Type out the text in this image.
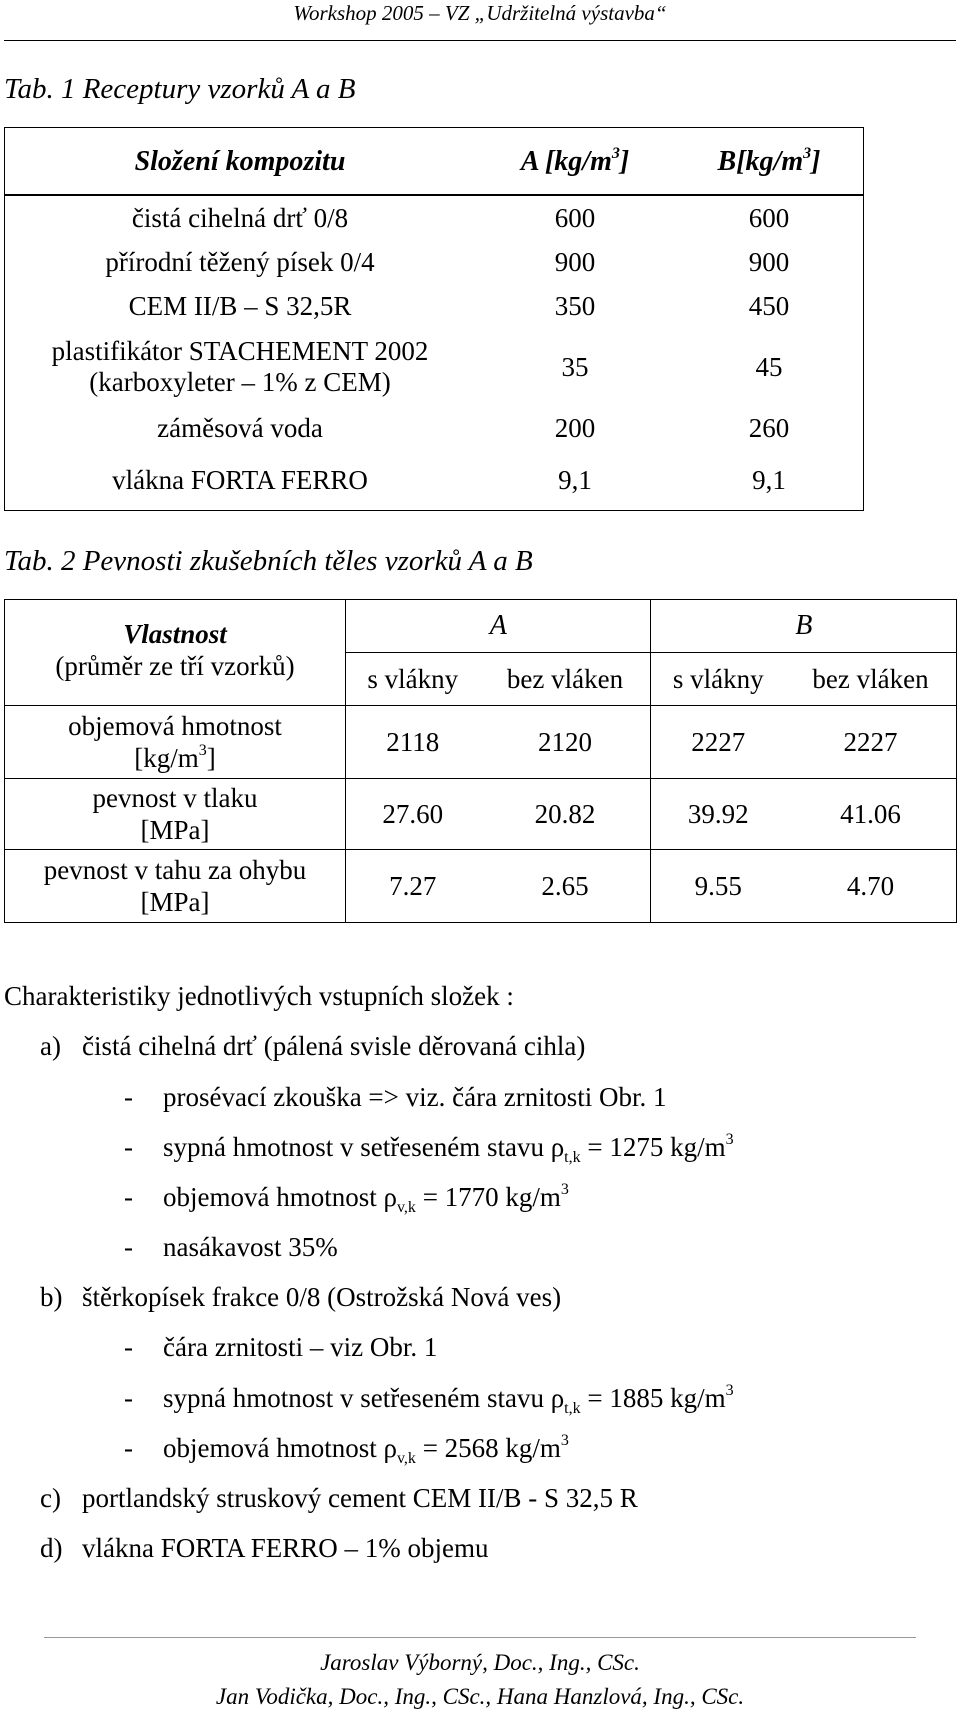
Workshop 2005 – VZ „Udržitelná výstavba“
Tab. 1 Receptury vzorků A a B
Složení kompozitu	A $[kg/m^3]$	$B[kg/m^3]$
čistá cihelná drť 0/8	600	600
přírodní těžený písek 0/4	900	900
CEM II/B – S 32,5R	350	450
plastifikátor STACHEMENT 2002
(karboxyleter – 1% z CEM)	35	45
záměsová voda	200	260
vlákna FORTA FERRO	9,1	9,1
Tab. 2 Pevnosti zkušebních těles vzorků A a B
Vlastnost
(průměr ze tří vzorků)	A		B	
	s vlákny	bez vláken	s vlákny	bez vláken
objemová hmotnost
$[kg/m^3]$	2118	2120	2227	2227
pevnost v tlaku
[MPa]	27.60	20.82	39.92	41.06
pevnost v tahu za ohybu
[MPa]	7.27	2.65	9.55	4.70
Charakteristiky jednotlivých vstupních složek :
a) čistá cihelná drť (pálená svisle děrovaná cihla)
- prosévací zkouška => viz. čára zrnitosti Obr. 1
- sypná hmotnost v setřeseném stavu $\rho_{t,k} = 1275$ $kg/m^3$
- objemová hmotnost $\rho_{v,k} = 1770$ $kg/m^3$
- nasákavost 35%
b) štěrkopísek frakce 0/8 (Ostrožská Nová ves)
- čára zrnitosti – viz Obr. 1
- sypná hmotnost v setřeseném stavu $\rho_{t,k} = 1885$ $kg/m^3$
- objemová hmotnost $\rho_{v,k} = 2568$ $kg/m^3$
c) portlandský struskový cement CEM II/B - S 32,5 R
d) vlákna FORTA FERRO – 1% objemu
Jaroslav Výborný, Doc., Ing., CSc.
Jan Vodička, Doc., Ing., CSc., Hana Hanzlová, Ing., CSc.
